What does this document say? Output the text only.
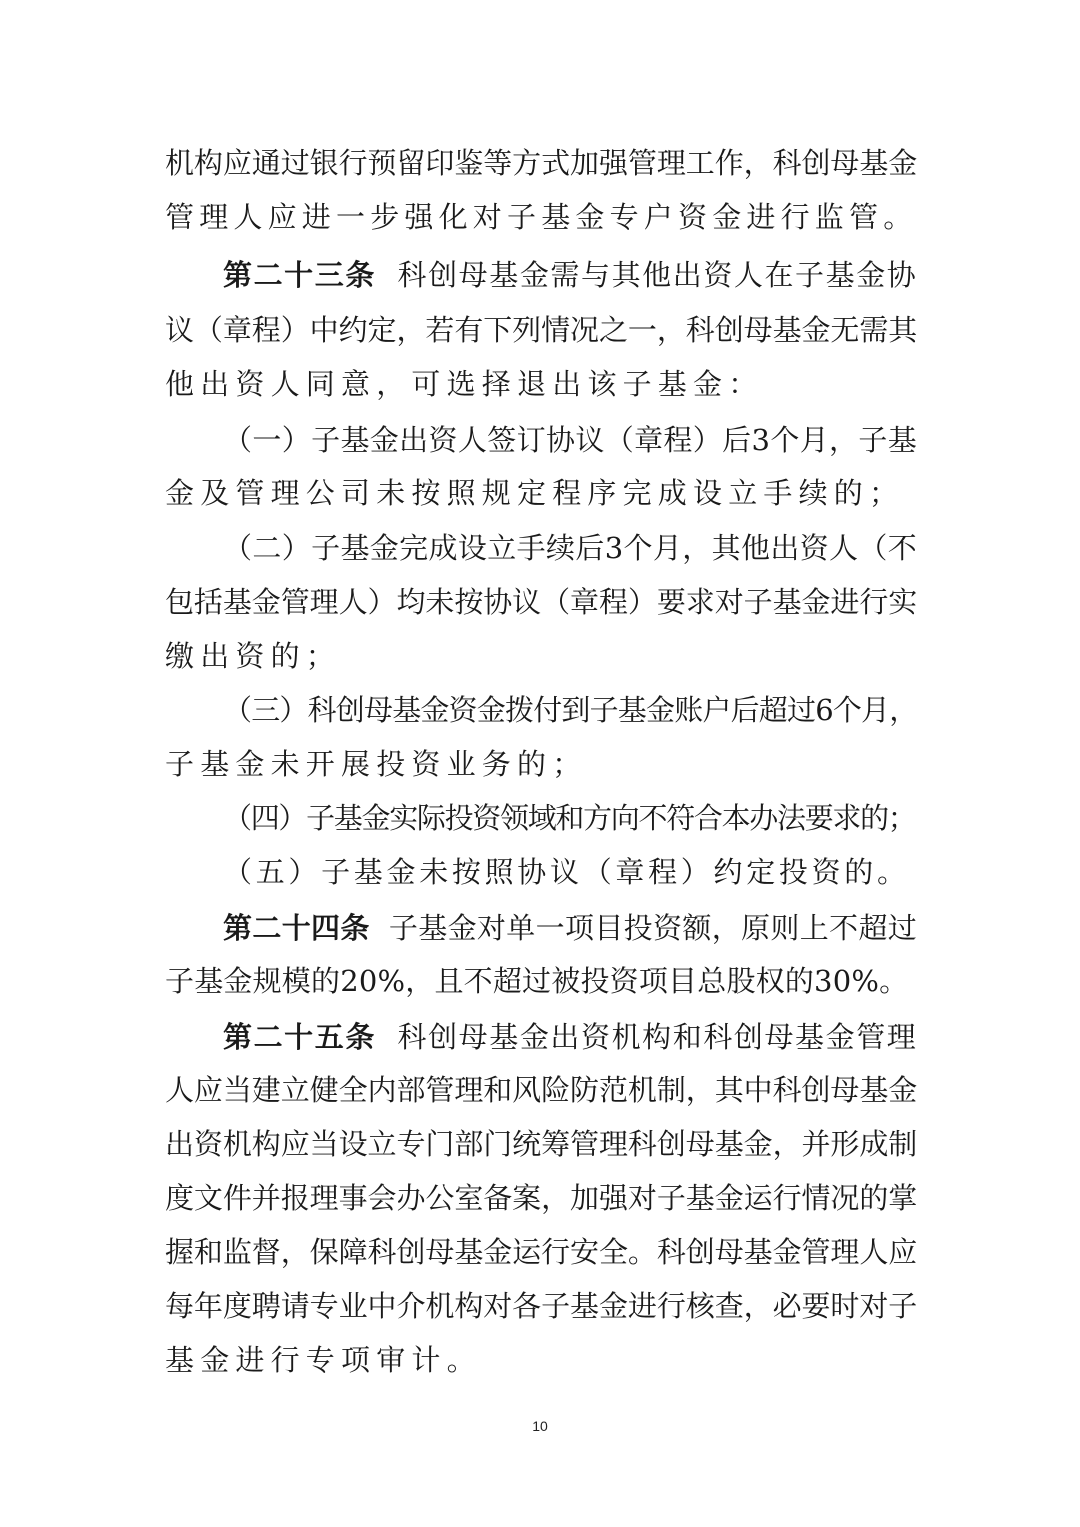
机构应通过银行预留印鉴等方式加强管理工作，科创母基金
管理人应进一步强化对子基金专户资金进行监管。
第二十三条 科创母基金需与其他出资人在子基金协
议（章程）中约定，若有下列情况之一，科创母基金无需其
他出资人同意，可选择退出该子基金：
（一）子基金出资人签订协议（章程）后3个月，子基
金及管理公司未按照规定程序完成设立手续的；
（二）子基金完成设立手续后3个月，其他出资人（不
包括基金管理人）均未按协议（章程）要求对子基金进行实
缴出资的；
（三）科创母基金资金拨付到子基金账户后超过6个月，
子基金未开展投资业务的；
（四）子基金实际投资领域和方向不符合本办法要求的；
（五）子基金未按照协议（章程）约定投资的。
第二十四条 子基金对单一项目投资额，原则上不超过
子基金规模的20%，且不超过被投资项目总股权的30%。
第二十五条 科创母基金出资机构和科创母基金管理
人应当建立健全内部管理和风险防范机制，其中科创母基金
出资机构应当设立专门部门统筹管理科创母基金，并形成制
度文件并报理事会办公室备案，加强对子基金运行情况的掌
握和监督，保障科创母基金运行安全。科创母基金管理人应
每年度聘请专业中介机构对各子基金进行核查，必要时对子
基金进行专项审计。
10
